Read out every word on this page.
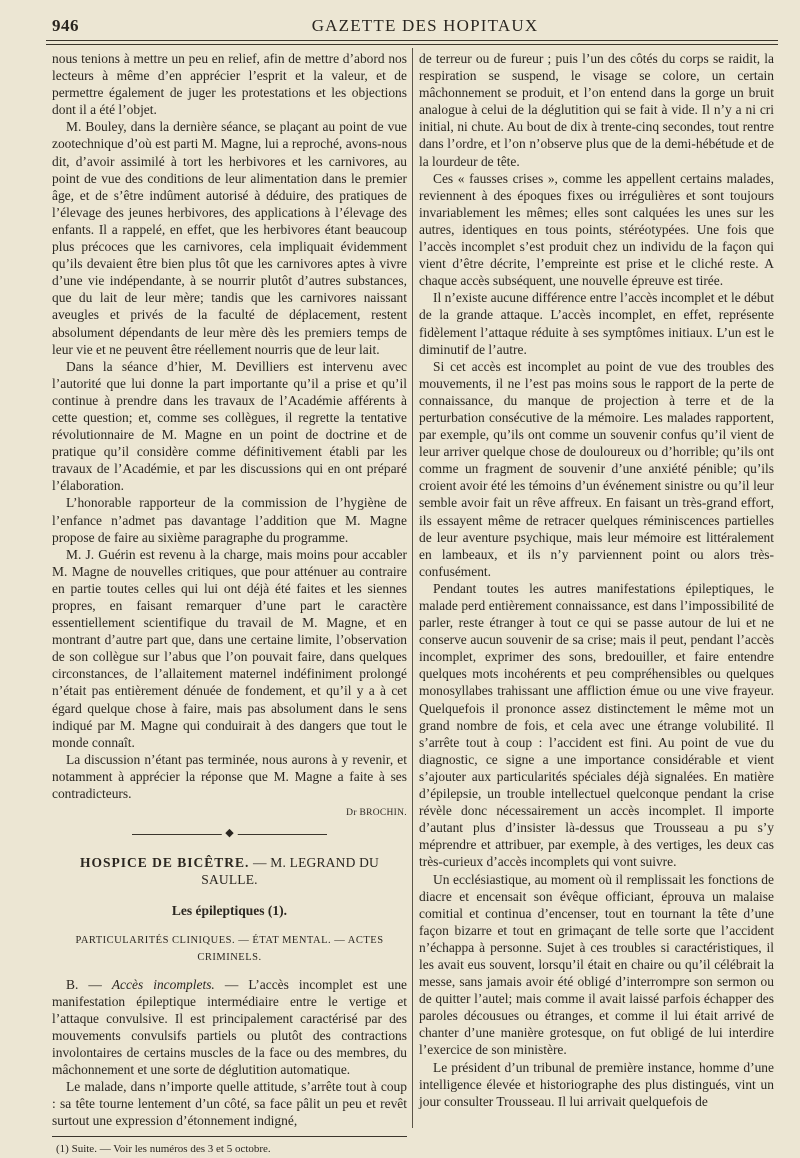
946	GAZETTE DES HOPITAUX

nous tenions à mettre un peu en relief, afin de mettre d’abord nos lecteurs à même d’en apprécier l’esprit et la valeur, et de permettre également de juger les protestations et les objections dont il a été l’objet.

M. Bouley, dans la dernière séance, se plaçant au point de vue zootechnique d’où est parti M. Magne, lui a reproché, avons-nous dit, d’avoir assimilé à tort les herbivores et les carnivores, au point de vue des conditions de leur alimentation dans le premier âge, et de s’être indûment autorisé à déduire, des pratiques de l’élevage des jeunes herbivores, des applications à l’élevage des enfants. Il a rappelé, en effet, que les herbivores étant beaucoup plus précoces que les carnivores, cela impliquait évidemment qu’ils devaient être bien plus tôt que les carnivores aptes à vivre d’une vie indépendante, à se nourrir plutôt d’autres substances, que du lait de leur mère; tandis que les carnivores naissant aveugles et privés de la faculté de déplacement, restent absolument dépendants de leur mère dès les premiers temps de leur vie et ne peuvent être réellement nourris que de leur lait.

Dans la séance d’hier, M. Devilliers est intervenu avec l’autorité que lui donne la part importante qu’il a prise et qu’il continue à prendre dans les travaux de l’Académie afférents à cette question; et, comme ses collègues, il regrette la tentative révolutionnaire de M. Magne en un point de doctrine et de pratique qu’il considère comme définitivement établi par les travaux de l’Académie, et par les discussions qui en ont préparé l’élaboration.

L’honorable rapporteur de la commission de l’hygiène de l’enfance n’admet pas davantage l’addition que M. Magne propose de faire au sixième paragraphe du programme.

M. J. Guérin est revenu à la charge, mais moins pour accabler M. Magne de nouvelles critiques, que pour atténuer au contraire en partie toutes celles qui lui ont déjà été faites et les siennes propres, en faisant remarquer d’une part le caractère essentiellement scientifique du travail de M. Magne, et en montrant d’autre part que, dans une certaine limite, l’observation de son collègue sur l’abus que l’on pouvait faire, dans quelques circonstances, de l’allaitement maternel indéfiniment prolongé n’était pas entièrement dénuée de fondement, et qu’il y a à cet égard quelque chose à faire, mais pas absolument dans le sens indiqué par M. Magne qui conduirait à des dangers que tout le monde connaît.

La discussion n’étant pas terminée, nous aurons à y revenir, et notamment à apprécier la réponse que M. Magne a faite à ses contradicteurs.

Dr BROCHIN.
◆
HOSPICE DE BICÊTRE. — M. LEGRAND DU SAULLE.
Les épileptiques (1).
PARTICULARITÉS CLINIQUES. — ÉTAT MENTAL. — ACTES CRIMINELS.

B. — Accès incomplets. — L’accès incomplet est une manifestation épileptique intermédiaire entre le vertige et l’attaque convulsive. Il est principalement caractérisé par des mouvements convulsifs partiels ou plutôt des contractions involontaires de certains muscles de la face ou des membres, du mâchonnement et une sorte de déglutition automatique.

Le malade, dans n’importe quelle attitude, s’arrête tout à coup : sa tête tourne lentement d’un côté, sa face pâlit un peu et revêt surtout une expression d’étonnement indigné,

(1) Suite. — Voir les numéros des 3 et 5 octobre.

de terreur ou de fureur ; puis l’un des côtés du corps se raidit, la respiration se suspend, le visage se colore, un certain mâchonnement se produit, et l’on entend dans la gorge un bruit analogue à celui de la déglutition qui se fait à vide. Il n’y a ni cri initial, ni chute. Au bout de dix à trente-cinq secondes, tout rentre dans l’ordre, et l’on n’observe plus que de la demi-hébétude et de la lourdeur de tête.

Ces « fausses crises », comme les appellent certains malades, reviennent à des époques fixes ou irrégulières et sont toujours invariablement les mêmes; elles sont calquées les unes sur les autres, identiques en tous points, stéréotypées. Une fois que l’accès incomplet s’est produit chez un individu de la façon qui vient d’être décrite, l’empreinte est prise et le cliché reste. A chaque accès subséquent, une nouvelle épreuve est tirée.

Il n’existe aucune différence entre l’accès incomplet et le début de la grande attaque. L’accès incomplet, en effet, représente fidèlement l’attaque réduite à ses symptômes initiaux. L’un est le diminutif de l’autre.

Si cet accès est incomplet au point de vue des troubles des mouvements, il ne l’est pas moins sous le rapport de la perte de connaissance, du manque de projection à terre et de la perturbation consécutive de la mémoire. Les malades rapportent, par exemple, qu’ils ont comme un souvenir confus qu’il vient de leur arriver quelque chose de douloureux ou d’horrible; qu’ils ont comme un fragment de souvenir d’une anxiété pénible; qu’ils croient avoir été les témoins d’un événement sinistre ou qu’il leur semble avoir fait un rêve affreux. En faisant un très-grand effort, ils essayent même de retracer quelques réminiscences partielles de leur aventure psychique, mais leur mémoire est littéralement en lambeaux, et ils n’y parviennent point ou alors très-confusément.

Pendant toutes les autres manifestations épileptiques, le malade perd entièrement connaissance, est dans l’impossibilité de parler, reste étranger à tout ce qui se passe autour de lui et ne conserve aucun souvenir de sa crise; mais il peut, pendant l’accès incomplet, exprimer des sons, bredouiller, et faire entendre quelques mots incohérents et peu compréhensibles ou quelques monosyllabes trahissant une affliction émue ou une vive frayeur. Quelquefois il prononce assez distinctement le même mot un grand nombre de fois, et cela avec une étrange volubilité. Il s’arrête tout à coup : l’accident est fini. Au point de vue du diagnostic, ce signe a une importance considérable et vient s’ajouter aux particularités spéciales déjà signalées. En matière d’épilepsie, un trouble intellectuel quelconque pendant la crise révèle donc nécessairement un accès incomplet. Il importe d’autant plus d’insister là-dessus que Trousseau a pu s’y méprendre et attribuer, par exemple, à des vertiges, les deux cas très-curieux d’accès incomplets qui vont suivre.

Un ecclésiastique, au moment où il remplissait les fonctions de diacre et encensait son évêque officiant, éprouva un malaise comitial et continua d’encenser, tout en tournant la tête d’une façon bizarre et tout en grimaçant de telle sorte que l’accident n’échappa à personne. Sujet à ces troubles si caractéristiques, il les avait eus souvent, lorsqu’il était en chaire ou qu’il célébrait la messe, sans jamais avoir été obligé d’interrompre son sermon ou de quitter l’autel; mais comme il avait laissé parfois échapper des paroles décousues ou étranges, et comme il lui était arrivé de chanter d’une manière grotesque, on fut obligé de lui interdire l’exercice de son ministère.

Le président d’un tribunal de première instance, homme d’une intelligence élevée et historiographe des plus distingués, vint un jour consulter Trousseau. Il lui arrivait quelquefois de
